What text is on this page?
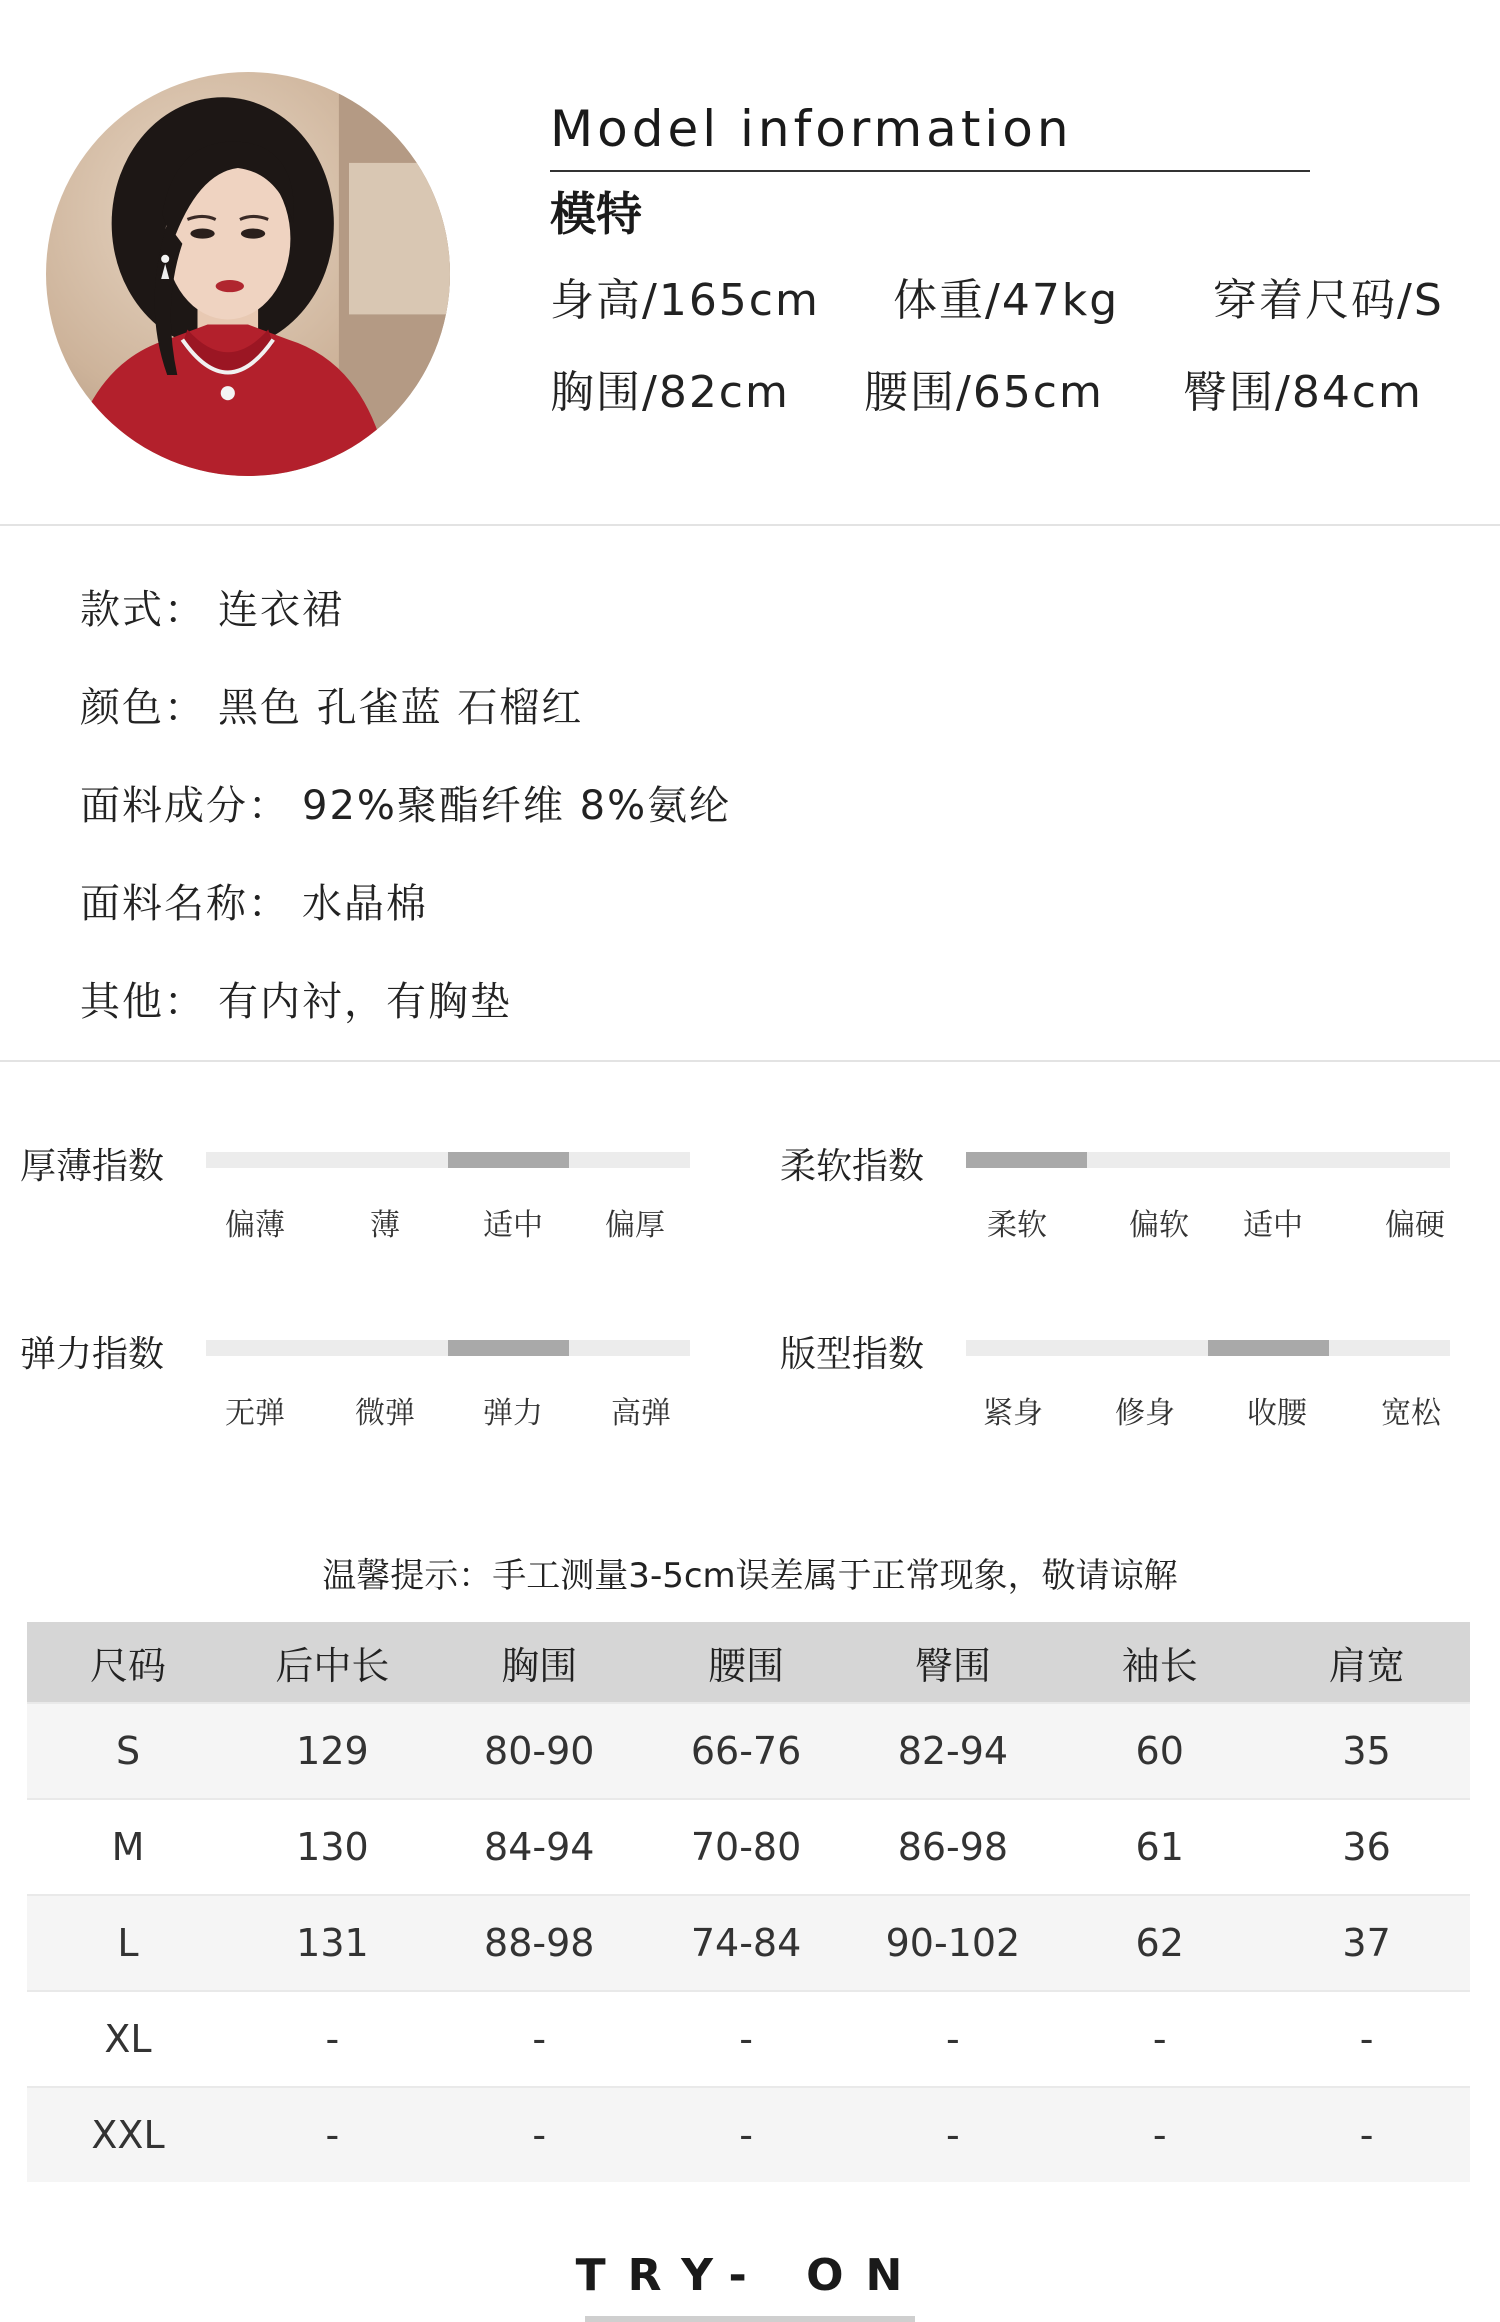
Model information
模特
身高/165cm 体重/47kg 穿着尺码/S
胸围/82cm 腰围/65cm 臀围/84cm
款式： 连衣裙
颜色： 黑色 孔雀蓝 石榴红
面料成分： 92%聚酯纤维 8%氨纶
面料名称： 水晶棉
其他： 有内衬，有胸垫
厚薄指数
偏薄	薄	适中	偏厚
柔软指数
柔软	偏软	适中	偏硬
弹力指数
无弹	微弹	弹力	高弹
版型指数
紧身	修身	收腰	宽松
温馨提示：手工测量3-5cm误差属于正常现象，敬请谅解
尺码	后中长	胸围	腰围	臀围	袖长	肩宽
S	129	80-90	66-76	82-94	60	35
M	130	84-94	70-80	86-98	61	36
L	131	88-98	74-84	90-102	62	37
XL	-	-	-	-	-	-
XXL	-	-	-	-	-	-
TRY- ON
